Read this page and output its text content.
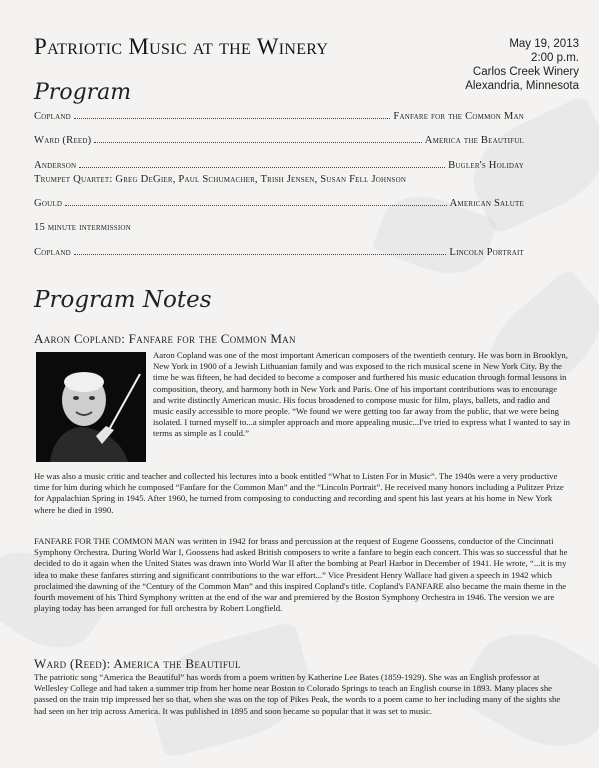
Patriotic Music at the Winery	May 19, 2013
2:00 p.m.
Carlos Creek Winery
Alexandria, Minnesota
Program
Copland	Fanfare for the Common Man
Ward (Reed)	America the Beautiful
Anderson	Bugler's Holiday
Trumpet Quartet: Greg DeGier, Paul Schumacher, Trish Jensen, Susan Fell Johnson
Gould	American Salute
15 minute intermission
Copland	Lincoln Portrait
Program Notes
Aaron Copland: Fanfare for the Common Man

Aaron Copland was one of the most important American composers of the twentieth century. He was born in Brooklyn, New York in 1900 of a Jewish Lithuanian family and was exposed to the rich musical scene in New York City. By the time he was fifteen, he had decided to become a composer and furthered his music education through formal lessons in composition, theory, and harmony both in New York and Paris. One of his important contributions was to encourage and write distinctly American music. His focus broadened to compose music for film, plays, ballets, and radio and music easily accessible to more people. “We found we were getting too far away from the public, that we were being isolated. I turned myself to...a simpler approach and more appealing music...I've tried to express what I wanted to say in terms as simple as I could.”

He was also a music critic and teacher and collected his lectures into a book entitled “What to Listen For in Music”. The 1940s were a very productive time for him during which he composed “Fanfare for the Common Man” and the “Lincoln Portrait”. He received many honors including a Pulitzer Prize for Appalachian Spring in 1945. After 1960, he turned from composing to conducting and recording and spent his last years at his home in New York where he died in 1990.

FANFARE FOR THE COMMON MAN was written in 1942 for brass and percussion at the request of Eugene Goossens, conductor of the Cincinnati Symphony Orchestra. During World War I, Goossens had asked British composers to write a fanfare to begin each concert. This was so successful that he decided to do it again when the United States was drawn into World War II after the bombing at Pearl Harbor in December of 1941. He wrote, “...it is my idea to make these fanfares stirring and significant contributions to the war effort...” Vice President Henry Wallace had given a speech in 1942 which proclaimed the dawning of the “Century of the Common Man” and this inspired Copland's title. Copland's FANFARE also became the main theme in the fourth movement of his Third Symphony written at the end of the war and premiered by the Boston Symphony Orchestra in 1946. The version we are playing today has been arranged for full orchestra by Robert Longfield.

Ward (Reed): America the Beautiful

The patriotic song “America the Beautiful” has words from a poem written by Katherine Lee Bates (1859-1929). She was an English professor at Wellesley College and had taken a summer trip from her home near Boston to Colorado Springs to teach an English course in 1893. Many places she passed on the train trip impressed her so that, when she was on the top of Pikes Peak, the words to a poem came to her including many of the sights she had seen on her trip across America. It was published in 1895 and soon became so popular that it was set to music.
